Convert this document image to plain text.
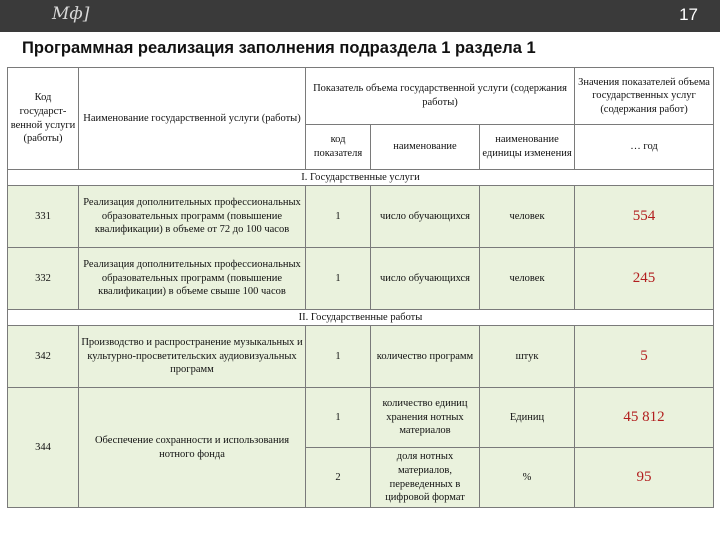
Мф]	17
Программная реализация заполнения подраздела 1 раздела 1
Код государст-венной услуги (работы)	Наименование государственной услуги (работы)	Показатель объема государственной услуги (содержания работы)			Значения показателей объема государственных услуг (содержания работ)
		код показателя	наименование	наименование единицы изменения	… год
I. Государственные услуги					
331	Реализация дополнительных профессиональных образовательных программ (повышение квалификации) в объеме от 72 до 100 часов	1	число обучающихся	человек	554
332	Реализация дополнительных профессиональных образовательных программ (повышение квалификации) в объеме свыше 100 часов	1	число обучающихся	человек	245
II. Государственные работы					
342	Производство и распространение музыкальных и культурно-просветительских аудиовизуальных программ	1	количество программ	штук	5
344	Обеспечение сохранности и использования нотного фонда	1	количество единиц хранения нотных материалов	Единиц	45 812
		2	доля нотных материалов, переведенных в цифровой формат	%	95
